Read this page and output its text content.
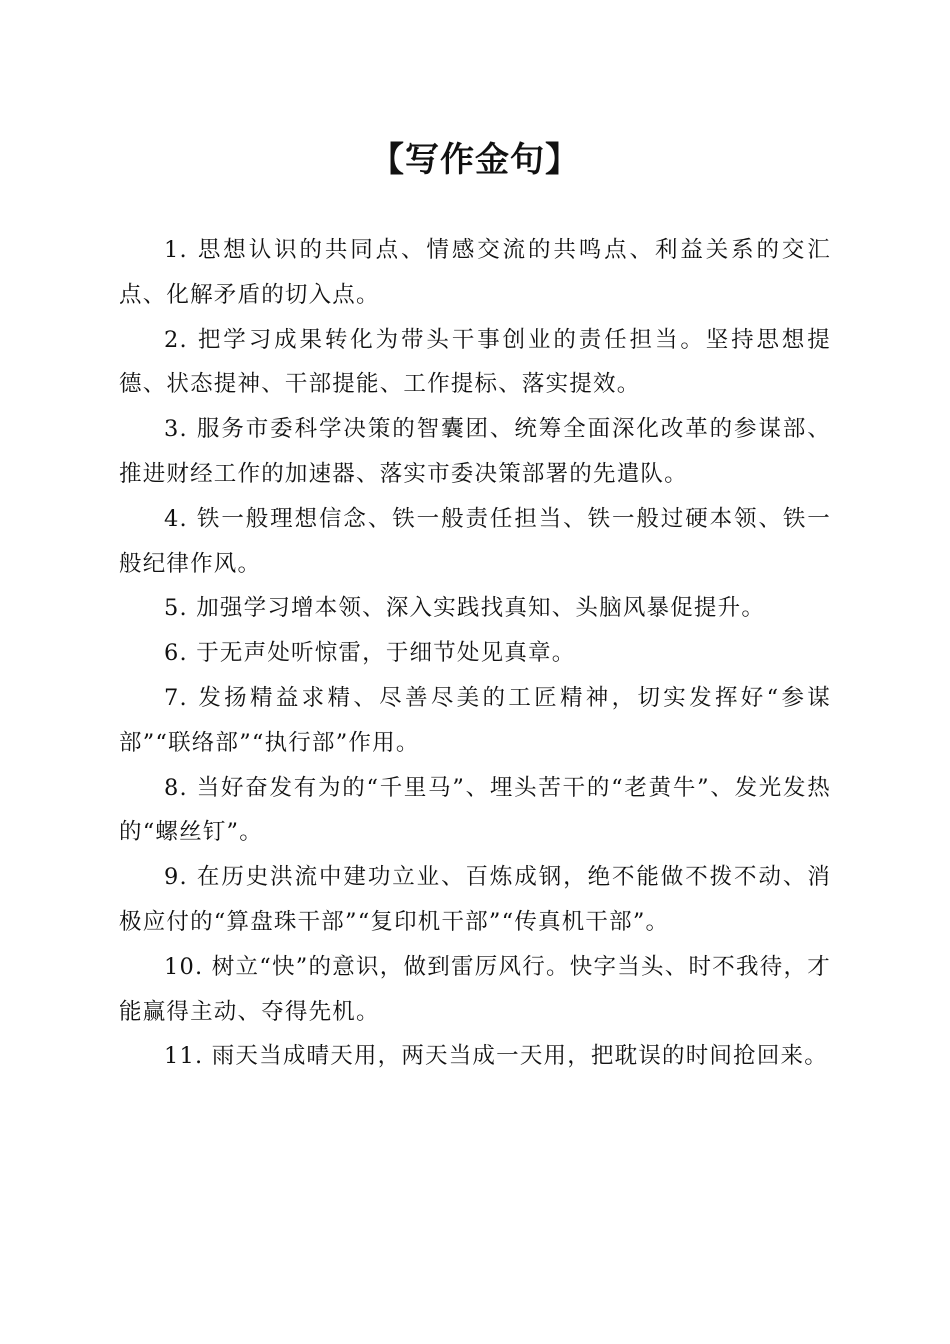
【写作金句】

1. 思想认识的共同点、情感交流的共鸣点、利益关系的交汇点、化解矛盾的切入点。

2. 把学习成果转化为带头干事创业的责任担当。坚持思想提德、状态提神、干部提能、工作提标、落实提效。

3. 服务市委科学决策的智囊团、统筹全面深化改革的参谋部、推进财经工作的加速器、落实市委决策部署的先遣队。

4. 铁一般理想信念、铁一般责任担当、铁一般过硬本领、铁一般纪律作风。

5. 加强学习增本领、深入实践找真知、头脑风暴促提升。

6. 于无声处听惊雷，于细节处见真章。

7. 发扬精益求精、尽善尽美的工匠精神，切实发挥好“参谋部”“联络部”“执行部”作用。

8. 当好奋发有为的“千里马”、埋头苦干的“老黄牛”、发光发热的“螺丝钉”。

9. 在历史洪流中建功立业、百炼成钢，绝不能做不拨不动、消极应付的“算盘珠干部”“复印机干部”“传真机干部”。

10. 树立“快”的意识，做到雷厉风行。快字当头、时不我待，才能赢得主动、夺得先机。

11. 雨天当成晴天用，两天当成一天用，把耽误的时间抢回来。
